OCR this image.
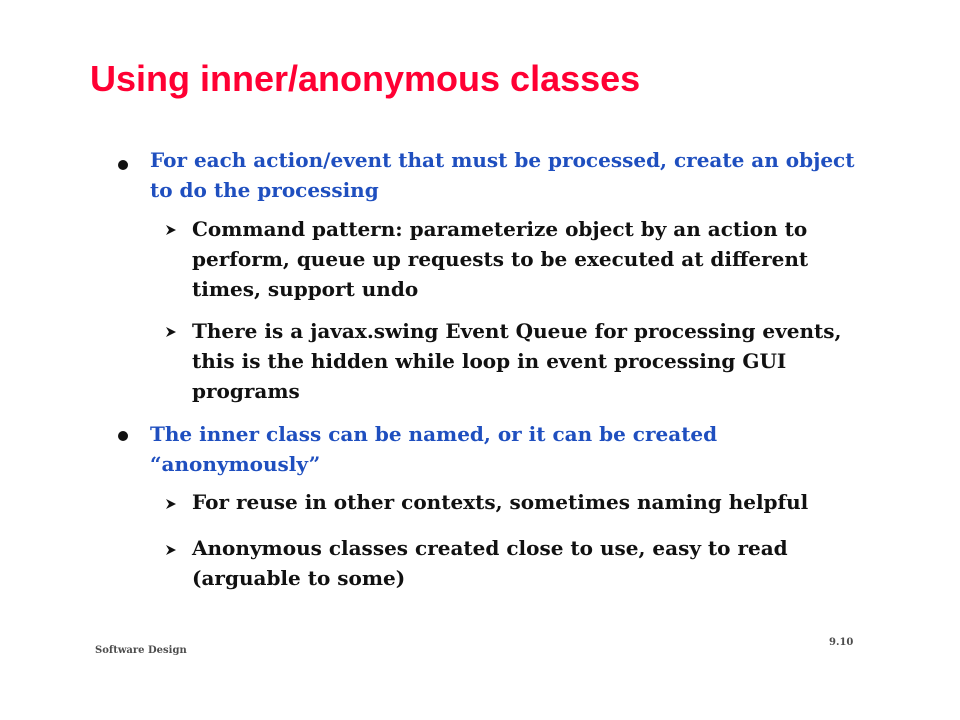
Using inner/anonymous classes
For each action/event that must be processed, create an object to do the processing
Command pattern: parameterize object by an action to perform, queue up requests to be executed at different times, support undo
There is a javax.swing Event Queue for processing events, this is the hidden while loop in event processing GUI programs
The inner class can be named, or it can be created “anonymously”
For reuse in other contexts, sometimes naming helpful
Anonymous classes created close to use, easy to read (arguable to some)
Software Design
9.10
